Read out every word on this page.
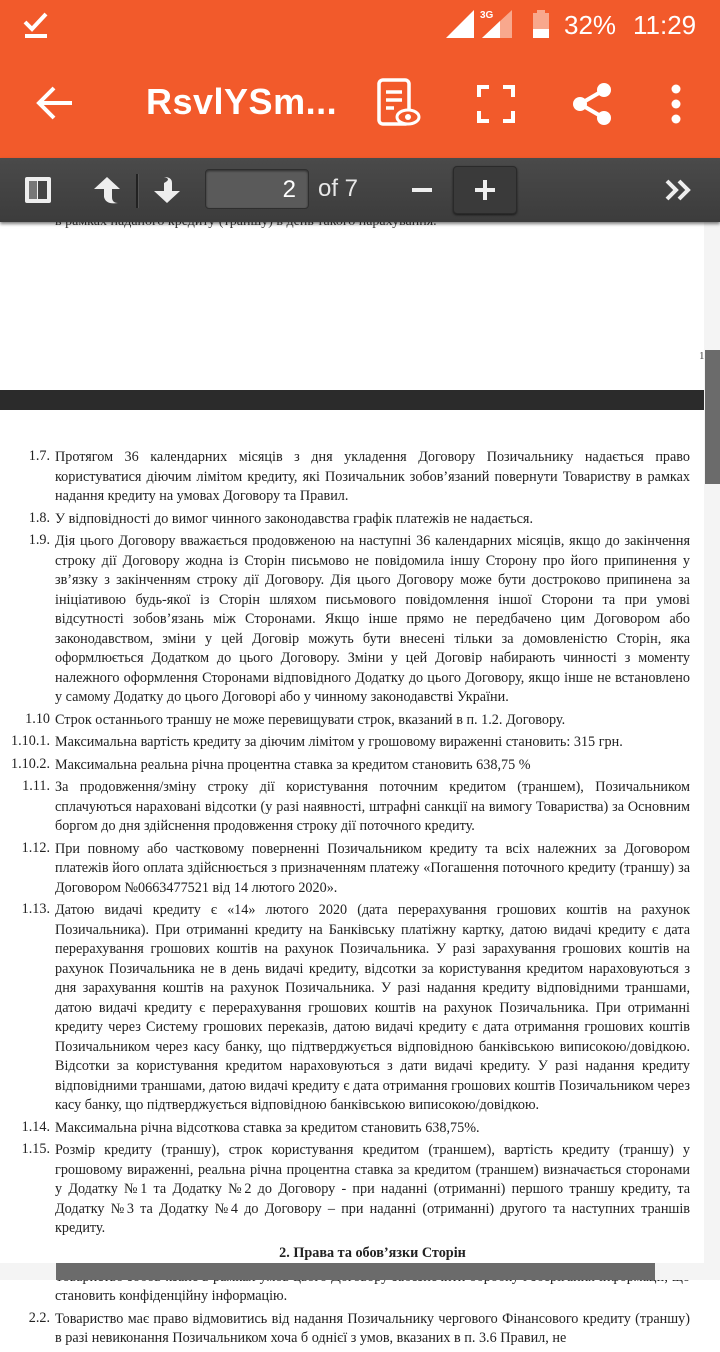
3G	32% 11:29
RsvlYSm...
2 of 7
1
1.7. Протягом 36 календарних місяців з дня укладення Договору Позичальнику надається право користуватися діючим лімітом кредиту, які Позичальник зобов’язаний повернути Товариству в рамках надання кредиту на умовах Договору та Правил.
1.8. У відповідності до вимог чинного законодавства графік платежів не надається.
1.9. Дія цього Договору вважається продовженою на наступні 36 календарних місяців, якщо до закінчення строку дії Договору жодна із Сторін письмово не повідомила іншу Сторону про його припинення у зв’язку з закінченням строку дії Договору. Дія цього Договору може бути достроково припинена за ініціативою будь-якої із Сторін шляхом письмового повідомлення іншої Сторони та при умові відсутності зобов’язань між Сторонами. Якщо інше прямо не передбачено цим Договором або законодавством, зміни у цей Договір можуть бути внесені тільки за домовленістю Сторін, яка оформлюється Додатком до цього Договору. Зміни у цей Договір набирають чинності з моменту належного оформлення Сторонами відповідного Додатку до цього Договору, якщо інше не встановлено у самому Додатку до цього Договорі або у чинному законодавстві України.
1.10 Строк останнього траншу не може перевищувати строк, вказаний в п. 1.2. Договору.
1.10.1. Максимальна вартість кредиту за діючим лімітом у грошовому вираженні становить: 315 грн.
1.10.2. Максимальна реальна річна процентна ставка за кредитом становить 638,75 %
1.11. За продовження/зміну строку дії користування поточним кредитом (траншем), Позичальником сплачуються нараховані відсотки (у разі наявності, штрафні санкції на вимогу Товариства) за Основним боргом до дня здійснення продовження строку дії поточного кредиту.
1.12. При повному або частковому поверненні Позичальником кредиту та всіх належних за Договором платежів його оплата здійснюється з призначенням платежу «Погашення поточного кредиту (траншу) за Договором №0663477521 від 14 лютого 2020».
1.13. Датою видачі кредиту є «14» лютого 2020 (дата перерахування грошових коштів на рахунок Позичальника). При отриманні кредиту на Банківську платіжну картку, датою видачі кредиту є дата перерахування грошових коштів на рахунок Позичальника. У разі зарахування грошових коштів на рахунок Позичальника не в день видачі кредиту, відсотки за користування кредитом нараховуються з дня зарахування коштів на рахунок Позичальника. У разі надання кредиту відповідними траншами, датою видачі кредиту є перерахування грошових коштів на рахунок Позичальника. При отриманні кредиту через Систему грошових переказів, датою видачі кредиту є дата отримання грошових коштів Позичальником через касу банку, що підтверджується відповідною банківською виписокою/довідкою. Відсотки за користування кредитом нараховуються з дати видачі кредиту. У разі надання кредиту відповідними траншами, датою видачі кредиту є дата отримання грошових коштів Позичальником через касу банку, що підтверджується відповідною банківською виписокою/довідкою.
1.14. Максимальна річна відсоткова ставка за кредитом становить 638,75%.
1.15. Розмір кредиту (траншу), строк користування кредитом (траншем), вартість кредиту (траншу) у грошовому вираженні, реальна річна процентна ставка за кредитом (траншем) визначається сторонами у Додатку №1 та Додатку №2 до Договору - при наданні (отриманні) першого траншу кредиту, та Додатку №3 та Додатку №4 до Договору – при наданні (отриманні) другого та наступних траншів кредиту.
2. Права та обов’язки Сторін
становить конфіденційну інформацію.
2.2. Товариство має право відмовитись від надання Позичальнику чергового Фінансового кредиту (траншу) в разі невиконання Позичальником хоча б однієї з умов, вказаних в п. 3.6 Правил, не
